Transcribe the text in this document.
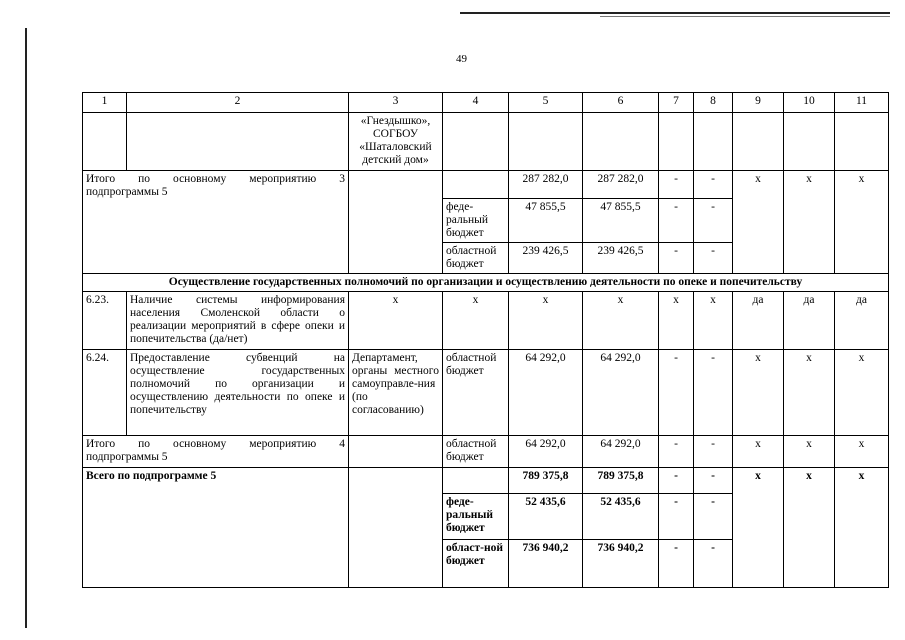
49
1	2	3	4	5	6	7	8	9	10	11
		«Гнездышко», СОГБОУ «Шаталовский детский дом»								

Итого по основному мероприятию 3
подпрограммы 5				287 282,0	287 282,0	-	-	х	х	х
			феде-ральный бюджет	47 855,5	47 855,5	-	-			
			областной бюджет	239 426,5	239 426,5	-	-			
Осуществление государственных полномочий по организации и осуществлению деятельности по опеке и попечительству										
6.23.	Наличие системы информирования населения Смоленской области о реализации мероприятий в сфере опеки и попечительства (да/нет)	х	х	х	х	х	х	да	да	да
6.24.	Предоставление субвенций на осуществление государственных полномочий по организации и осуществлению деятельности по опеке и попечительству	Департамент, органы местного самоуправле-ния (по согласованию)	областной бюджет	64 292,0	64 292,0	-	-	х	х	х

Итого по основному мероприятию 4
подпрограммы 5			областной бюджет	64 292,0	64 292,0	-	-	х	х	х
Всего по подпрограмме 5				789 375,8	789 375,8	-	-	х	х	х
			феде-ральный бюджет	52 435,6	52 435,6	-	-			
			област-ной бюджет	736 940,2	736 940,2	-	-			
